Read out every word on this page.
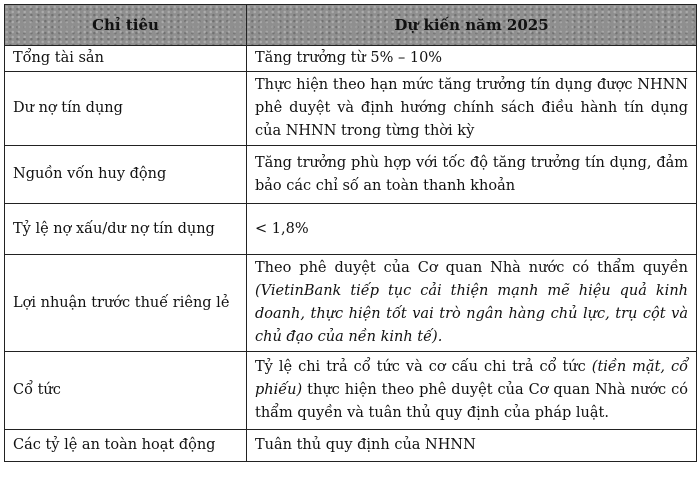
Chỉ tiêu	Dự kiến năm 2025
Tổng tài sản	Tăng trưởng từ 5% – 10%
Dư nợ tín dụng	Thực hiện theo hạn mức tăng trưởng tín dụng được NHNN phê duyệt và định hướng chính sách điều hành tín dụng của NHNN trong từng thời kỳ
Nguồn vốn huy động	Tăng trưởng phù hợp với tốc độ tăng trưởng tín dụng, đảm bảo các chỉ số an toàn thanh khoản
Tỷ lệ nợ xấu/dư nợ tín dụng	< 1,8%
Lợi nhuận trước thuế riêng lẻ	Theo phê duyệt của Cơ quan Nhà nước có thẩm quyền (VietinBank tiếp tục cải thiện mạnh mẽ hiệu quả kinh doanh, thực hiện tốt vai trò ngân hàng chủ lực, trụ cột và chủ đạo của nền kinh tế).
Cổ tức	Tỷ lệ chi trả cổ tức và cơ cấu chi trả cổ tức (tiền mặt, cổ phiếu) thực hiện theo phê duyệt của Cơ quan Nhà nước có thẩm quyền và tuân thủ quy định của pháp luật.
Các tỷ lệ an toàn hoạt động	Tuân thủ quy định của NHNN
